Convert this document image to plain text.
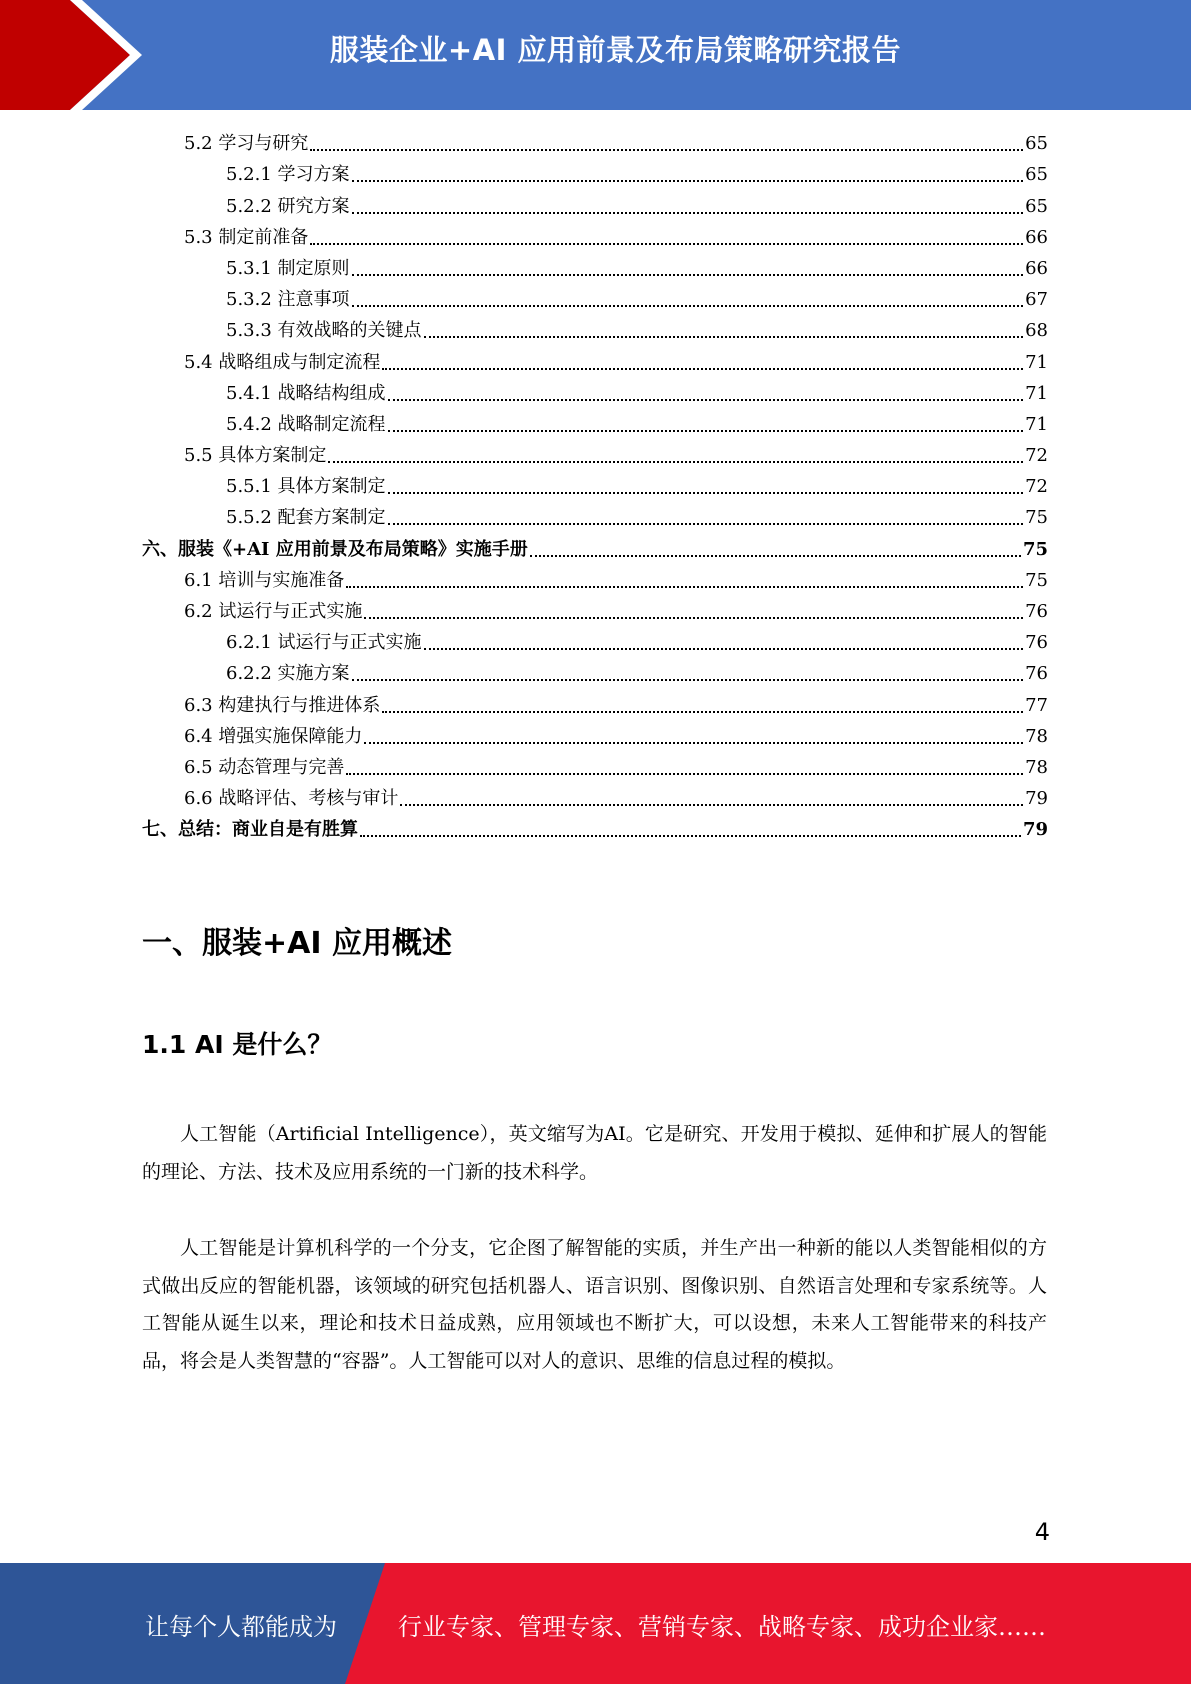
服装企业+AI 应用前景及布局策略研究报告
5.2 学习与研究	65
5.2.1 学习方案	65
5.2.2 研究方案	65
5.3 制定前准备	66
5.3.1 制定原则	66
5.3.2 注意事项	67
5.3.3 有效战略的关键点	68
5.4 战略组成与制定流程	71
5.4.1 战略结构组成	71
5.4.2 战略制定流程	71
5.5 具体方案制定	72
5.5.1 具体方案制定	72
5.5.2 配套方案制定	75
六、服装《+AI 应用前景及布局策略》实施手册	75
6.1 培训与实施准备	75
6.2 试运行与正式实施	76
6.2.1 试运行与正式实施	76
6.2.2 实施方案	76
6.3 构建执行与推进体系	77
6.4 增强实施保障能力	78
6.5 动态管理与完善	78
6.6 战略评估、考核与审计	79
七、总结：商业自是有胜算	79
一、服装+AI 应用概述
1.1 AI 是什么？
人工智能（Artificial Intelligence），英文缩写为AI。它是研究、开发用于模拟、延伸和扩展人的智能的理论、方法、技术及应用系统的一门新的技术科学。
人工智能是计算机科学的一个分支，它企图了解智能的实质，并生产出一种新的能以人类智能相似的方式做出反应的智能机器，该领域的研究包括机器人、语言识别、图像识别、自然语言处理和专家系统等。人工智能从诞生以来，理论和技术日益成熟，应用领域也不断扩大，可以设想，未来人工智能带来的科技产品，将会是人类智慧的“容器”。人工智能可以对人的意识、思维的信息过程的模拟。
4
让每个人都能成为	行业专家、管理专家、营销专家、战略专家、成功企业家……
